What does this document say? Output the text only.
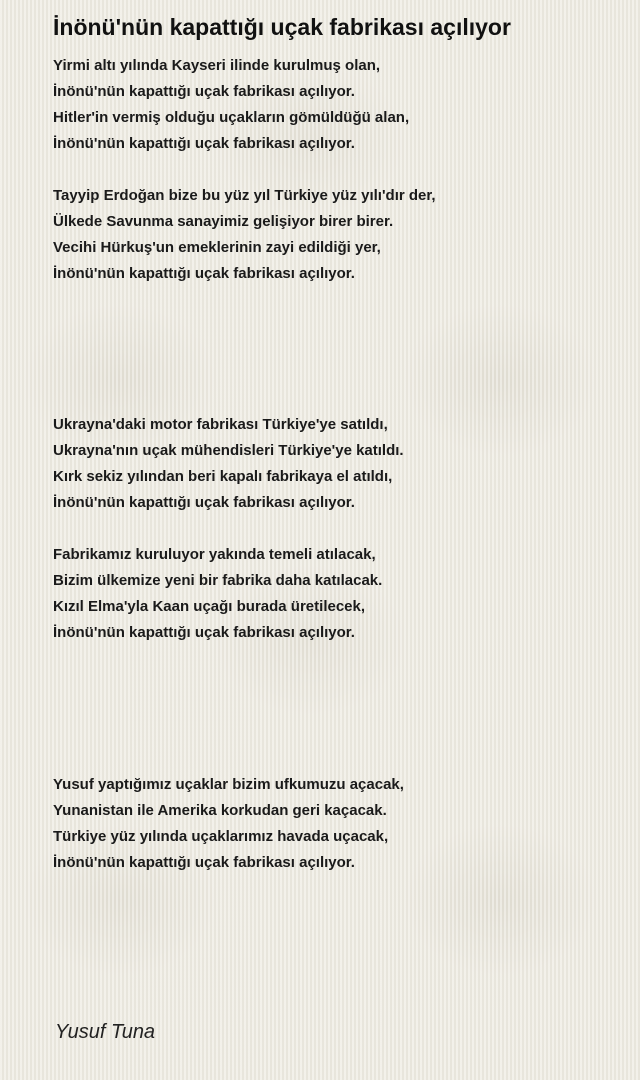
İnönü'nün kapattığı uçak fabrikası açılıyor
Yirmi altı yılında Kayseri ilinde kurulmuş olan,
İnönü'nün kapattığı uçak fabrikası açılıyor.
Hitler'in vermiş olduğu uçakların gömüldüğü alan,
İnönü'nün kapattığı uçak fabrikası açılıyor.
Tayyip Erdoğan bize bu yüz yıl Türkiye yüz yılı'dır der,
Ülkede Savunma sanayimiz gelişiyor birer birer.
Vecihi Hürkuş'un emeklerinin zayi edildiği yer,
İnönü'nün kapattığı uçak fabrikası açılıyor.
Ukrayna'daki motor fabrikası Türkiye'ye satıldı,
Ukrayna'nın uçak mühendisleri Türkiye'ye katıldı.
Kırk sekiz yılından beri kapalı fabrikaya el atıldı,
İnönü'nün kapattığı uçak fabrikası açılıyor.
Fabrikamız kuruluyor yakında temeli atılacak,
Bizim ülkemize yeni bir fabrika daha katılacak.
Kızıl Elma'yla Kaan uçağı burada üretilecek,
İnönü'nün kapattığı uçak fabrikası açılıyor.
Yusuf yaptığımız uçaklar bizim ufkumuzu açacak,
Yunanistan ile Amerika korkudan geri kaçacak.
Türkiye yüz yılında uçaklarımız havada uçacak,
İnönü'nün kapattığı uçak fabrikası açılıyor.

Yusuf Tuna
